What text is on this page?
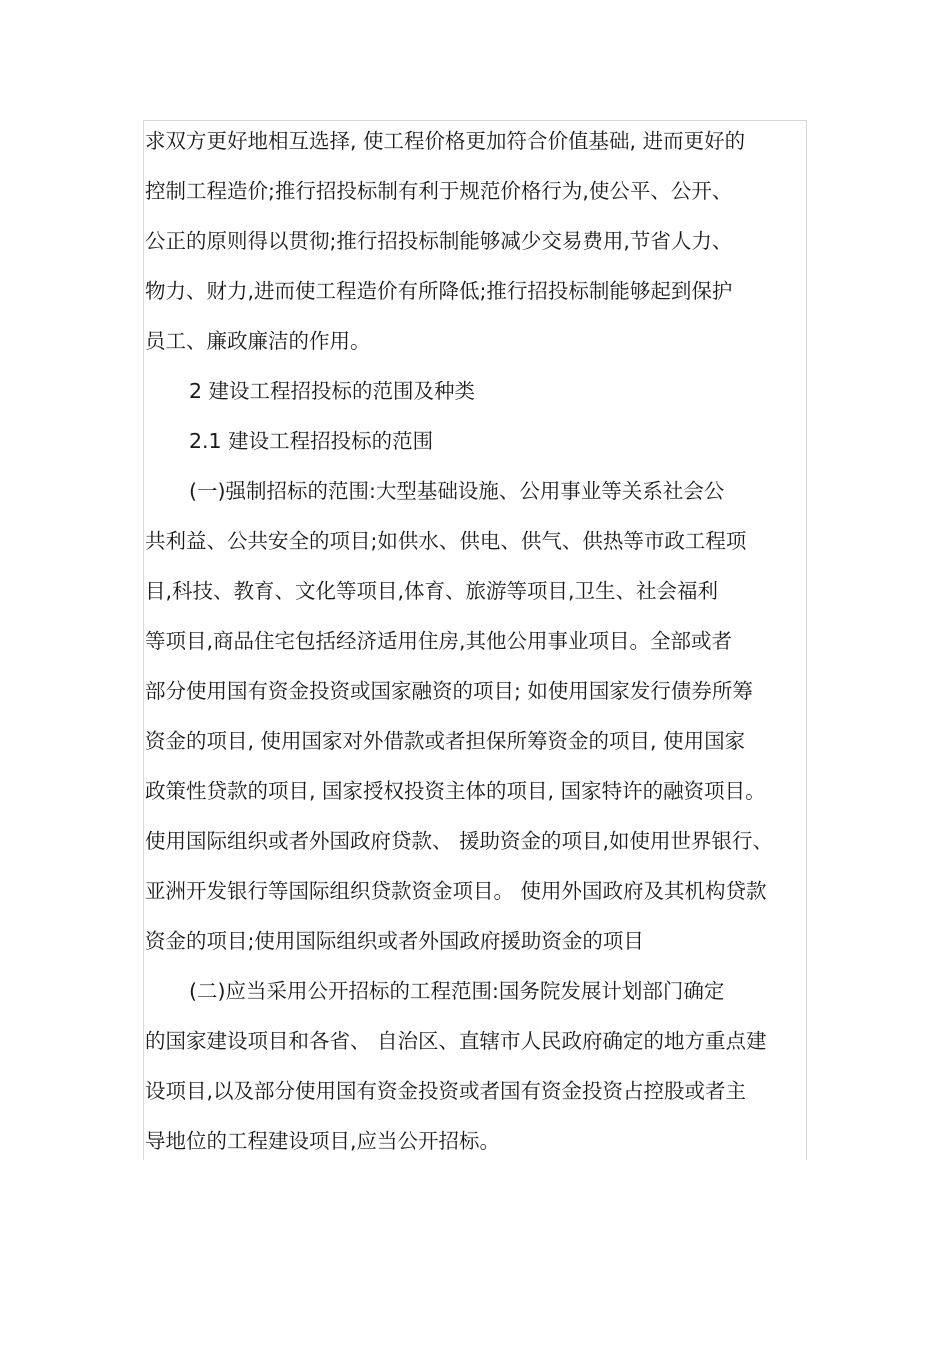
求双方更好地相互选择, 使工程价格更加符合价值基础, 进而更好的
控制工程造价;推行招投标制有利于规范价格行为,使公平、公开、
公正的原则得以贯彻;推行招投标制能够减少交易费用,节省人力、
物力、财力,进而使工程造价有所降低;推行招投标制能够起到保护
员工、廉政廉洁的作用。
2 建设工程招投标的范围及种类
2.1 建设工程招投标的范围
(一)强制招标的范围:大型基础设施、公用事业等关系社会公
共利益、公共安全的项目;如供水、供电、供气、供热等市政工程项
目,科技、教育、文化等项目,体育、旅游等项目,卫生、社会福利
等项目,商品住宅包括经济适用住房,其他公用事业项目。全部或者
部分使用国有资金投资或国家融资的项目; 如使用国家发行债券所筹
资金的项目, 使用国家对外借款或者担保所筹资金的项目, 使用国家
政策性贷款的项目, 国家授权投资主体的项目, 国家特许的融资项目。
使用国际组织或者外国政府贷款、 援助资金的项目,如使用世界银行、
亚洲开发银行等国际组织贷款资金项目。 使用外国政府及其机构贷款
资金的项目;使用国际组织或者外国政府援助资金的项目
(二)应当采用公开招标的工程范围:国务院发展计划部门确定
的国家建设项目和各省、 自治区、直辖市人民政府确定的地方重点建
设项目,以及部分使用国有资金投资或者国有资金投资占控股或者主
导地位的工程建设项目,应当公开招标。
